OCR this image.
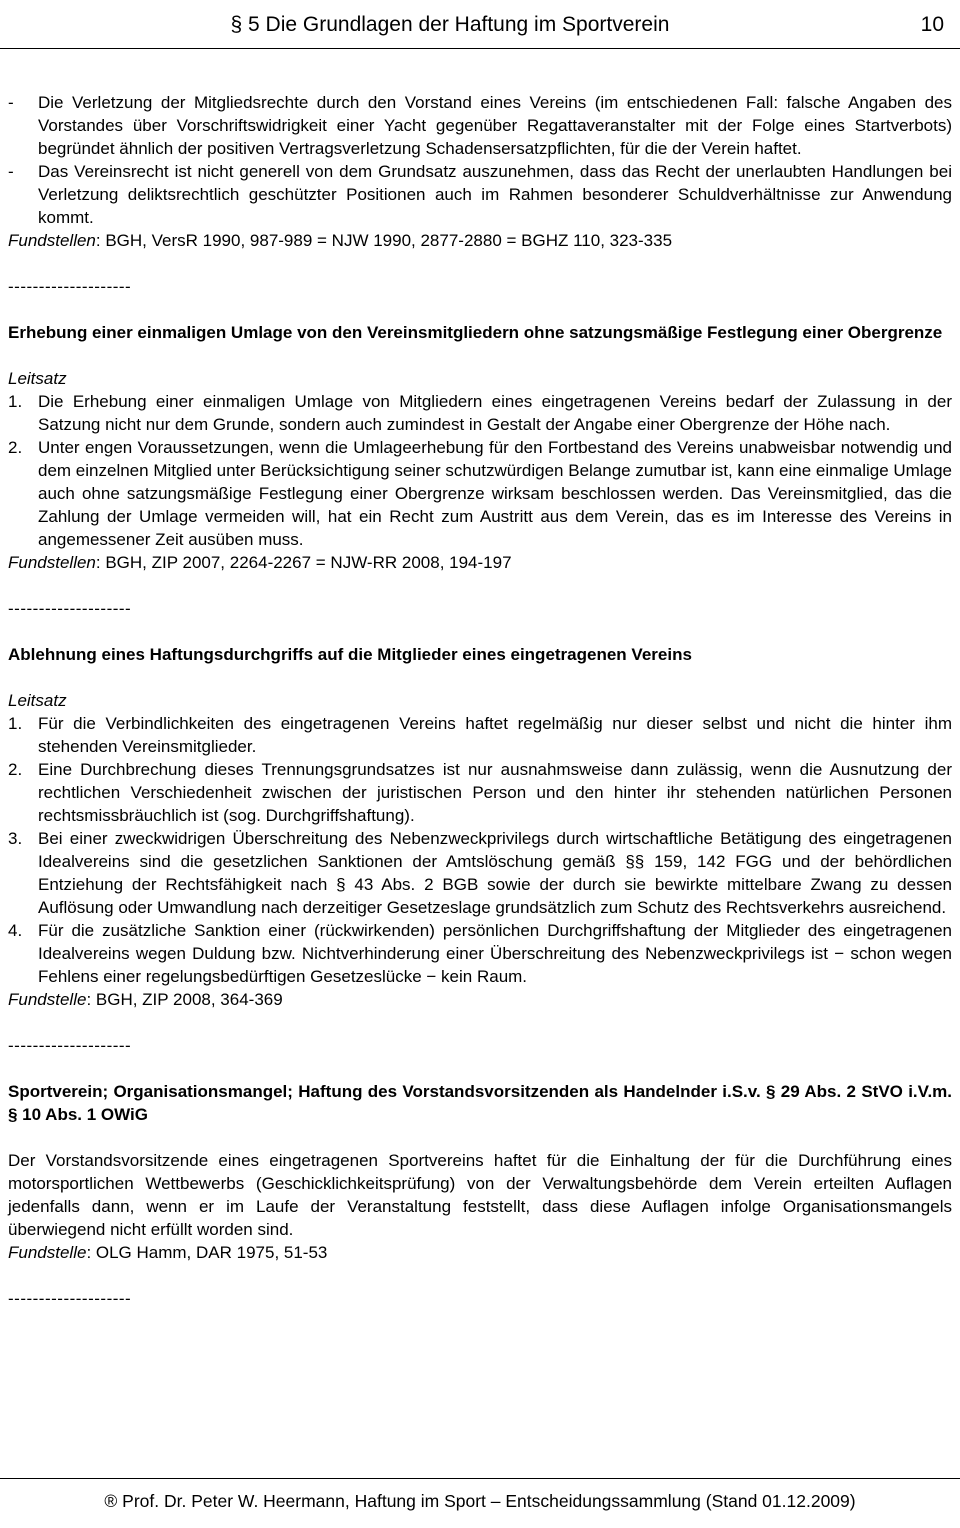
§ 5 Die Grundlagen der Haftung im Sportverein	10
-	Die Verletzung der Mitgliedsrechte durch den Vorstand eines Vereins (im entschiedenen Fall: falsche Angaben des Vorstandes über Vorschriftswidrigkeit einer Yacht gegenüber Regattaveranstalter mit der Folge eines Startverbots) begründet ähnlich der positiven Vertragsverletzung Schadensersatzpflichten, für die der Verein haftet.
-	Das Vereinsrecht ist nicht generell von dem Grundsatz auszunehmen, dass das Recht der unerlaubten Handlungen bei Verletzung deliktsrechtlich geschützter Positionen auch im Rahmen besonderer Schuldverhältnisse zur Anwendung kommt.

Fundstellen: BGH, VersR 1990, 987-989 = NJW 1990, 2877-2880 = BGHZ 110, 323-335

--------------------

Erhebung einer einmaligen Umlage von den Vereinsmitgliedern ohne satzungsmäßige Festlegung einer Obergrenze

Leitsatz

1. Die Erhebung einer einmaligen Umlage von Mitgliedern eines eingetragenen Vereins bedarf der Zulassung in der Satzung nicht nur dem Grunde, sondern auch zumindest in Gestalt der Angabe einer Obergrenze der Höhe nach.
2. Unter engen Voraussetzungen, wenn die Umlageerhebung für den Fortbestand des Vereins unabweisbar notwendig und dem einzelnen Mitglied unter Berücksichtigung seiner schutzwürdigen Belange zumutbar ist, kann eine einmalige Umlage auch ohne satzungsmäßige Festlegung einer Obergrenze wirksam beschlossen werden. Das Vereinsmitglied, das die Zahlung der Umlage vermeiden will, hat ein Recht zum Austritt aus dem Verein, das es im Interesse des Vereins in angemessener Zeit ausüben muss.

Fundstellen: BGH, ZIP 2007, 2264-2267 = NJW-RR 2008, 194-197

--------------------

Ablehnung eines Haftungsdurchgriffs auf die Mitglieder eines eingetragenen Vereins

Leitsatz

1. Für die Verbindlichkeiten des eingetragenen Vereins haftet regelmäßig nur dieser selbst und nicht die hinter ihm stehenden Vereinsmitglieder.
2. Eine Durchbrechung dieses Trennungsgrundsatzes ist nur ausnahmsweise dann zulässig, wenn die Ausnutzung der rechtlichen Verschiedenheit zwischen der juristischen Person und den hinter ihr stehenden natürlichen Personen rechtsmissbräuchlich ist (sog. Durchgriffshaftung).
3. Bei einer zweckwidrigen Überschreitung des Nebenzweckprivilegs durch wirtschaftliche Betätigung des eingetragenen Idealvereins sind die gesetzlichen Sanktionen der Amtslöschung gemäß §§ 159, 142 FGG und der behördlichen Entziehung der Rechtsfähigkeit nach § 43 Abs. 2 BGB sowie der durch sie bewirkte mittelbare Zwang zu dessen Auflösung oder Umwandlung nach derzeitiger Gesetzeslage grundsätzlich zum Schutz des Rechtsverkehrs ausreichend.
4. Für die zusätzliche Sanktion einer (rückwirkenden) persönlichen Durchgriffshaftung der Mitglieder des eingetragenen Idealvereins wegen Duldung bzw. Nichtverhinderung einer Überschreitung des Nebenzweckprivilegs ist − schon wegen Fehlens einer regelungsbedürftigen Gesetzeslücke − kein Raum.

Fundstelle: BGH, ZIP 2008, 364-369

--------------------

Sportverein; Organisationsmangel; Haftung des Vorstandsvorsitzenden als Handelnder i.S.v. § 29 Abs. 2 StVO i.V.m. § 10 Abs. 1 OWiG

Der Vorstandsvorsitzende eines eingetragenen Sportvereins haftet für die Einhaltung der für die Durchführung eines motorsportlichen Wettbewerbs (Geschicklichkeitsprüfung) von der Verwaltungsbehörde dem Verein erteilten Auflagen jedenfalls dann, wenn er im Laufe der Veranstaltung feststellt, dass diese Auflagen infolge Organisationsmangels überwiegend nicht erfüllt worden sind.

Fundstelle: OLG Hamm, DAR 1975, 51-53

--------------------

® Prof. Dr. Peter W. Heermann, Haftung im Sport – Entscheidungssammlung (Stand 01.12.2009)
